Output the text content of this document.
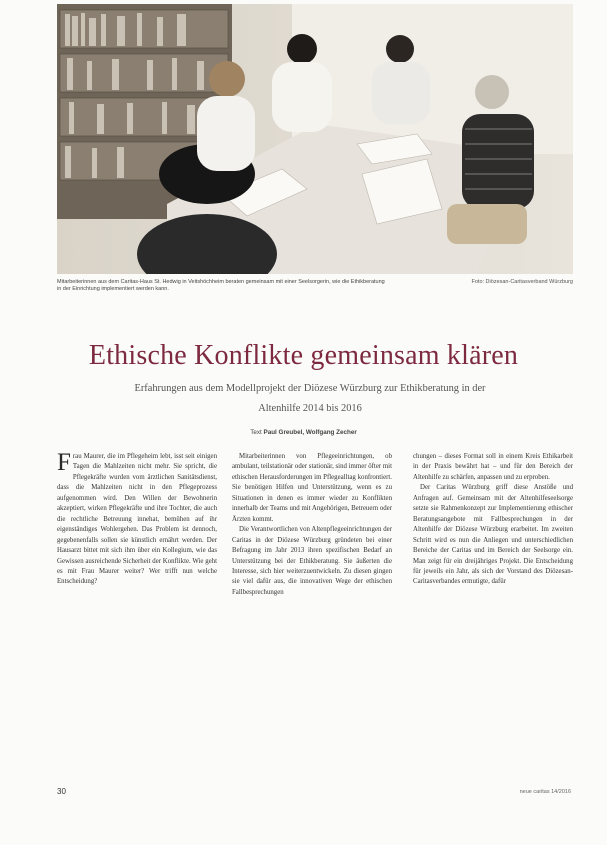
Mitarbeiterinnen aus dem Caritas-Haus St. Hedwig in Veitshöchheim beraten gemeinsam mit einer Seelsorgerin, wie die Ethikberatung in der Einrichtung implementiert werden kann.
Foto: Diözesan-Caritasverband Würzburg
Ethische Konflikte gemeinsam klären
Erfahrungen aus dem Modellprojekt der Diözese Würzburg zur Ethikberatung in der Altenhilfe 2014 bis 2016
Text Paul Greubel, Wolfgang Zecher

Frau Maurer, die im Pflegeheim lebt, isst seit einigen Tagen die Mahlzeiten nicht mehr. Sie spricht, die Pflegekräfte wurden vom ärztlichen Sanitätsdienst, dass die Mahlzeiten nicht in den Pflegeprozess aufgenommen wird. Den Willen der Bewohnerin akzeptiert, wirken Pflegekräfte und ihre Tochter, die auch die rechtliche Betreuung innehat, bemühen auf ihr eigenständiges Wohlergehen. Das Problem ist dennoch, gegebenenfalls sollen sie künstlich ernährt werden. Der Hausarzt bittet mit sich ihm über ein Kollegium, wie das Gewissen ausreichende Sicherheit der Konflikte. Wie geht es mit Frau Maurer weiter? Wer trifft nun welche Entscheidung?

Mitarbeiterinnen von Pflegeeinrichtungen, ob ambulant, teilstationär oder stationär, sind immer öfter mit ethischen Herausforderungen im Pflegealltag konfrontiert. Sie benötigen Hilfen und Unterstützung, wenn es zu Situationen in denen es immer wieder zu Konflikten innerhalb der Teams und mit Angehörigen, Betreuern oder Ärzten kommt.

Die Verantwortlichen von Altenpflegeeinrichtungen der Caritas in der Diözese Würzburg gründeten bei einer Befragung im Jahr 2013 ihren spezifischen Bedarf an Unterstützung bei der Ethikberatung. Sie äußerten die Interesse, sich hier weiterzuentwickeln. Zu diesen gingen sie viel dafür aus, die innovativen Wege der ethischen Fallbesprechungen

chungen – dieses Format soll in einem Kreis Ethikarbeit in der Praxis bewährt hat – und für den Bereich der Altenhilfe zu schärfen, anpassen und zu erproben.

Der Caritas Würzburg griff diese Anstöße und Anfragen auf. Gemeinsam mit der Altenhilfeseelsorge setzte sie Rahmenkonzept zur Implementierung ethischer Beratungsangebote mit Fallbesprechungen in der Altenhilfe der Diözese Würzburg erarbeitet. Im zweiten Schritt wird es nun die Anliegen und unterschiedlichen Bereiche der Caritas und im Bereich der Seelsorge ein. Man zeigt für ein dreijähriges Projekt. Die Entscheidung für jeweils ein Jahr, als sich der Vorstand des Diözesan-Caritasverbandes ermutigte, dafür

30	neue caritas 14/2016
